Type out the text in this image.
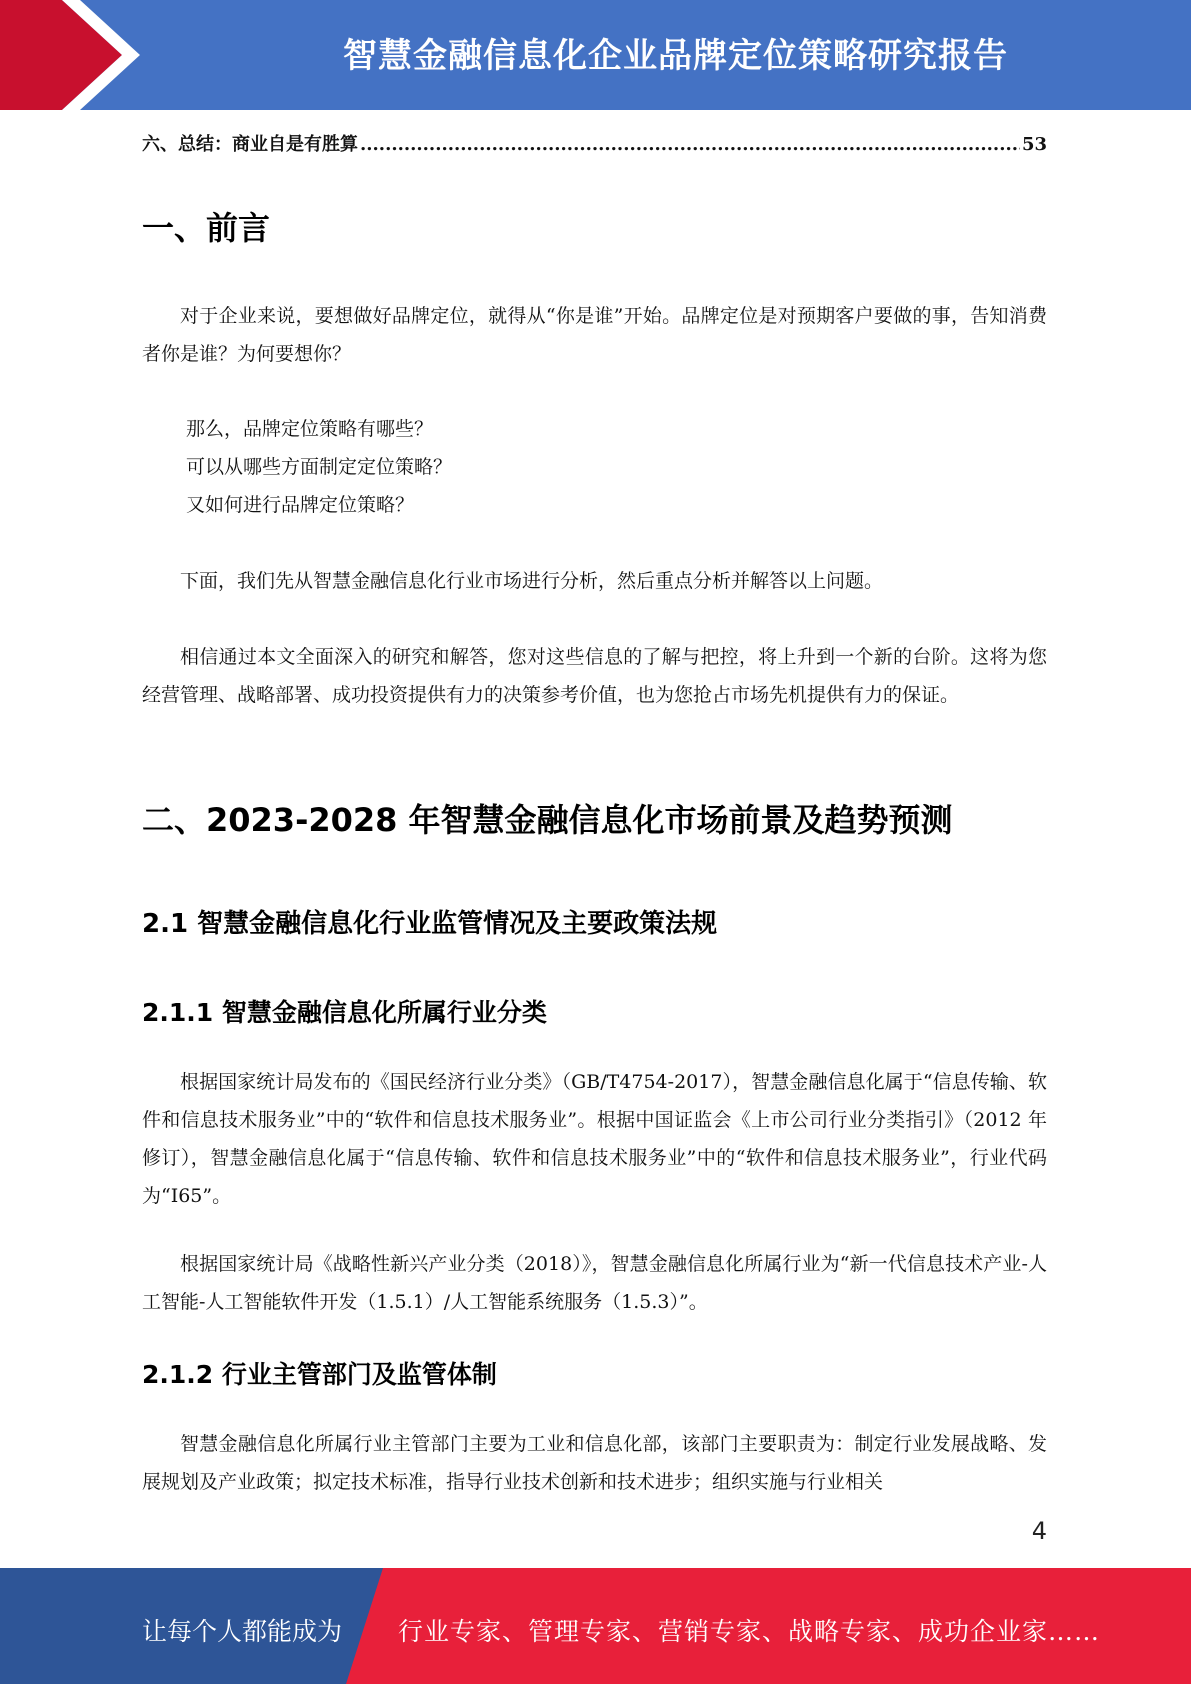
智慧金融信息化企业品牌定位策略研究报告
六、总结：商业自是有胜算
.....	53
一、前言

对于企业来说，要想做好品牌定位，就得从“你是谁”开始。品牌定位是对预期客户要做的事，告知消费者你是谁？为何要想你？

那么，品牌定位策略有哪些？

可以从哪些方面制定定位策略？

又如何进行品牌定位策略？

下面，我们先从智慧金融信息化行业市场进行分析，然后重点分析并解答以上问题。

相信通过本文全面深入的研究和解答，您对这些信息的了解与把控，将上升到一个新的台阶。这将为您经营管理、战略部署、成功投资提供有力的决策参考价值，也为您抢占市场先机提供有力的保证。

二、2023-2028 年智慧金融信息化市场前景及趋势预测
2.1 智慧金融信息化行业监管情况及主要政策法规
2.1.1 智慧金融信息化所属行业分类

根据国家统计局发布的《国民经济行业分类》（GB/T4754-2017），智慧金融信息化属于“信息传输、软件和信息技术服务业”中的“软件和信息技术服务业”。根据中国证监会《上市公司行业分类指引》（2012 年修订），智慧金融信息化属于“信息传输、软件和信息技术服务业”中的“软件和信息技术服务业”，行业代码为“I65”。

根据国家统计局《战略性新兴产业分类（2018）》，智慧金融信息化所属行业为“新一代信息技术产业-人工智能-人工智能软件开发（1.5.1）/人工智能系统服务（1.5.3）”。

2.1.2 行业主管部门及监管体制

智慧金融信息化所属行业主管部门主要为工业和信息化部，该部门主要职责为：制定行业发展战略、发展规划及产业政策；拟定技术标准，指导行业技术创新和技术进步；组织实施与行业相关

4
让每个人都能成为 行业专家、管理专家、营销专家、战略专家、成功企业家……
